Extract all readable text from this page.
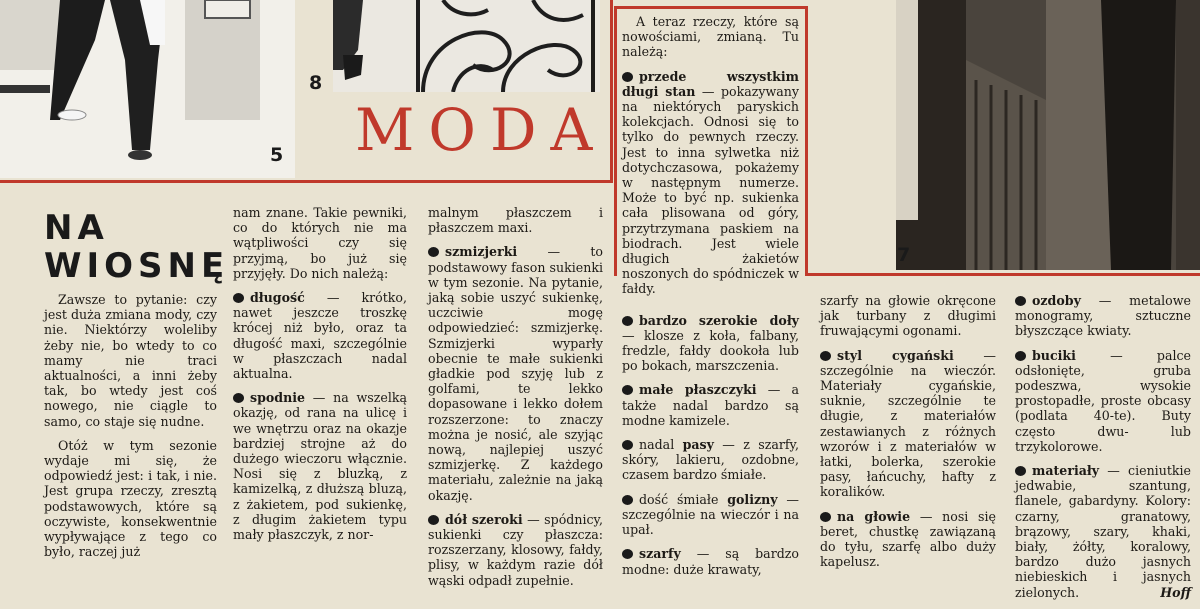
5
8
7
MODA
NA
WIOSNĘ

Zawsze to pytanie: czy jest duża zmiana mody, czy nie. Niektórzy woleliby żeby nie, bo wtedy to co mamy nie traci aktualności, a inni żeby tak, bo wtedy jest coś nowego, nie ciągle to samo, co staje się nudne.

Otóż w tym sezonie wydaje mi się, że odpowiedź jest: i tak, i nie. Jest grupa rzeczy, zresztą podstawowych, które są oczywiste, konsekwentnie wypływające z tego co było, raczej już

nam znane. Takie pewniki, co do których nie ma wątpliwości czy się przyjmą, bo już się przyjęły. Do nich należą:

długość — krótko, nawet jeszcze troszkę krócej niż było, oraz ta długość maxi, szczególnie w płaszczach nadal aktualna.

spodnie — na wszelką okazję, od rana na ulicę i we wnętrzu oraz na okazje bardziej strojne aż do dużego wieczoru włącznie. Nosi się z bluzką, z kamizelką, z dłuższą bluzą, z żakietem, pod sukienkę, z długim żakietem typu mały płaszczyk, z nor-

malnym płaszczem i płaszczem maxi.

szmizjerki — to podstawowy fason sukienki w tym sezonie. Na pytanie, jaką sobie uszyć sukienkę, uczciwie mogę odpowiedzieć: szmizjerkę. Szmizjerki wyparły obecnie te małe sukienki gładkie pod szyję lub z golfami, te lekko dopasowane i lekko dołem rozszerzone: to znaczy można je nosić, ale szyjąc nową, najlepiej uszyć szmizjerkę. Z każdego materiału, zależnie na jaką okazję.

dół szeroki — spódnicy, sukienki czy płaszcza: rozszerzany, klosowy, fałdy, plisy, w każdym razie dół wąski odpadł zupełnie.

A teraz rzeczy, które są nowościami, zmianą. Tu należą:

przede wszystkim długi stan — pokazywany na niektórych paryskich kolekcjach. Odnosi się to tylko do pewnych rzeczy. Jest to inna sylwetka niż dotychczasowa, pokażemy w następnym numerze. Może to być np. sukienka cała plisowana od góry, przytrzymana paskiem na biodrach. Jest wiele długich żakietów noszonych do spódniczek w fałdy.

bardzo szerokie doły — klosze z koła, falbany, fredzle, fałdy dookoła lub po bokach, marszczenia.

małe płaszczyki — a także nadal bardzo są modne kamizele.

nadal pasy — z szarfy, skóry, lakieru, ozdobne, czasem bardzo śmiałe.

dość śmiałe golizny — szczególnie na wieczór i na upał.

szarfy — są bardzo modne: duże krawaty,

szarfy na głowie okręcone jak turbany z długimi fruwającymi ogonami.

styl cygański — szczególnie na wieczór. Materiały cygańskie, suknie, szczególnie te długie, z materiałów zestawianych z różnych wzorów i z materiałów w łatki, bolerka, szerokie pasy, łańcuchy, hafty z koralików.

na głowie — nosi się beret, chustkę zawiązaną do tyłu, szarfę albo duży kapelusz.

ozdoby — metalowe monogramy, sztuczne błyszczące kwiaty.

buciki — palce odsłonięte, gruba podeszwa, wysokie prostopadłe, proste obcasy (podlata 40-te). Buty często dwu- lub trzykolorowe.

materiały — cieniutkie jedwabie, szantung, flanele, gabardyny. Kolory: czarny, granatowy, brązowy, szary, khaki, biały, żółty, koralowy, bardzo dużo jasnych niebieskich i jasnych zielonych.	Hoff
